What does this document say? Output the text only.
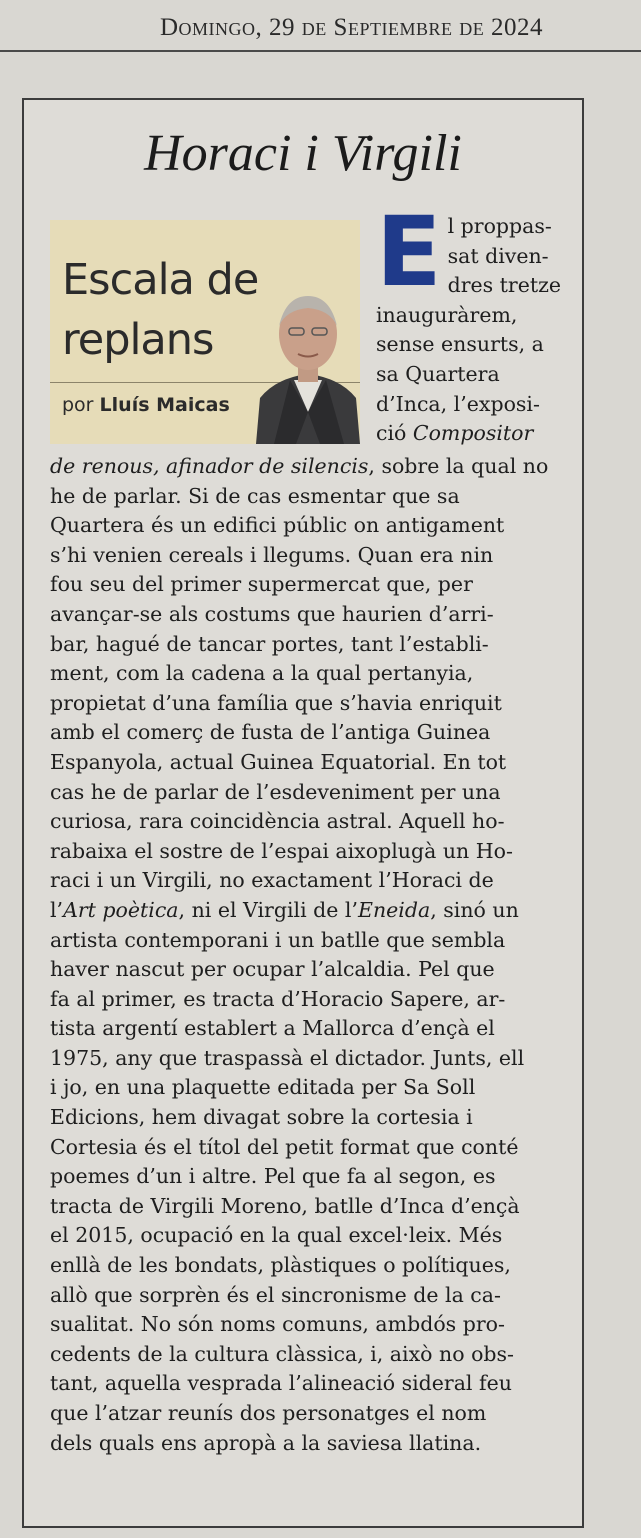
Domingo, 29 de Septiembre de 2024
Horaci i Virgili
Escala de
replans
por Lluís Maicas
E l proppas-
sat diven-
dres tretze
inauguràrem,
sense ensurts, a
sa Quartera
d’Inca, l’exposi-
ció Compositor
de renous, afinador de silencis, sobre la qual no
he de parlar. Si de cas esmentar que sa
Quartera és un edifici públic on antigament
s’hi venien cereals i llegums. Quan era nin
fou seu del primer supermercat que, per
avançar-se als costums que haurien d’arri-
bar, hagué de tancar portes, tant l’establi-
ment, com la cadena a la qual pertanyia,
propietat d’una família que s’havia enriquit
amb el comerç de fusta de l’antiga Guinea
Espanyola, actual Guinea Equatorial. En tot
cas he de parlar de l’esdeveniment per una
curiosa, rara coincidència astral. Aquell ho-
rabaixa el sostre de l’espai aixoplugà un Ho-
raci i un Virgili, no exactament l’Horaci de
l’Art poètica, ni el Virgili de l’Eneida, sinó un
artista contemporani i un batlle que sembla
haver nascut per ocupar l’alcaldia. Pel que
fa al primer, es tracta d’Horacio Sapere, ar-
tista argentí establert a Mallorca d’ençà el
1975, any que traspassà el dictador. Junts, ell
i jo, en una plaquette editada per Sa Soll
Edicions, hem divagat sobre la cortesia i
Cortesia és el títol del petit format que conté
poemes d’un i altre. Pel que fa al segon, es
tracta de Virgili Moreno, batlle d’Inca d’ençà
el 2015, ocupació en la qual excel·leix. Més
enllà de les bondats, plàstiques o polítiques,
allò que sorprèn és el sincronisme de la ca-
sualitat. No són noms comuns, ambdós pro-
cedents de la cultura clàssica, i, això no obs-
tant, aquella vesprada l’alineació sideral feu
que l’atzar reunís dos personatges el nom
dels quals ens apropà a la saviesa llatina.
